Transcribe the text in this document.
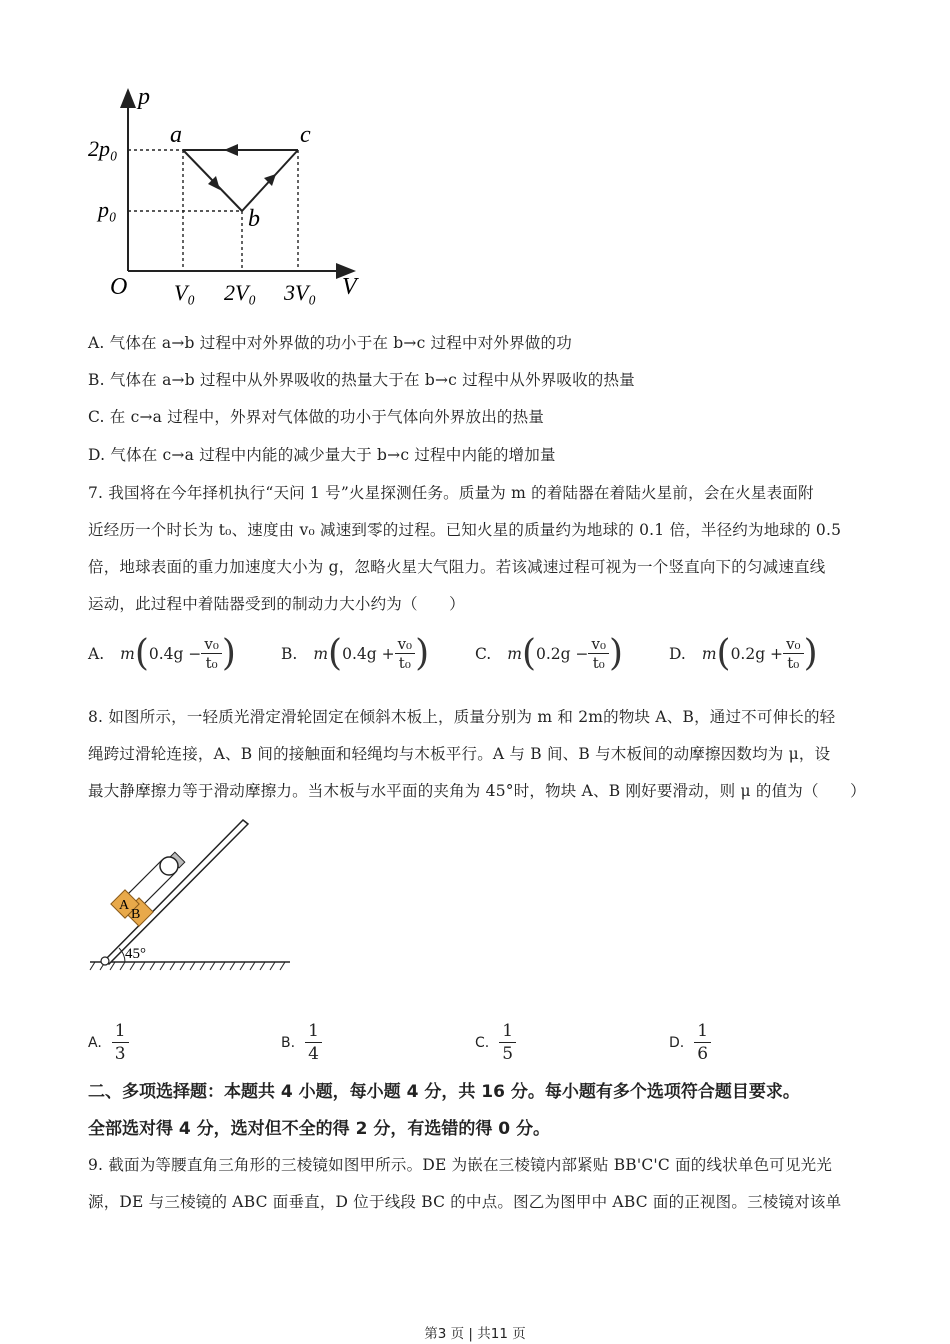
p
V
O
2p₀
p₀
V₀ 2V₀ 3V₀
a
b
c
A. 气体在 a→b 过程中对外界做的功小于在 b→c 过程中对外界做的功
B. 气体在 a→b 过程中从外界吸收的热量大于在 b→c 过程中从外界吸收的热量
C. 在 c→a 过程中，外界对气体做的功小于气体向外界放出的热量
D. 气体在 c→a 过程中内能的减少量大于 b→c 过程中内能的增加量
7. 我国将在今年择机执行“天问 1 号”火星探测任务。质量为 m 的着陆器在着陆火星前，会在火星表面附
近经历一个时长为 t₀、速度由 v₀ 减速到零的过程。已知火星的质量约为地球的 0.1 倍，半径约为地球的 0.5
倍，地球表面的重力加速度大小为 g，忽略火星大气阻力。若该减速过程可视为一个竖直向下的匀减速直线
运动，此过程中着陆器受到的制动力大小约为（　　）
A. m ( $0.4g - \frac{\text{v₀}}{\text{t₀}}$ )	B. m ( $0.4g + \frac{\text{v₀}}{\text{t₀}}$ )	C. m ( $0.2g - \frac{\text{v₀}}{\text{t₀}}$ )	D. m ( $0.2g + \frac{\text{v₀}}{\text{t₀}}$ )
8. 如图所示，一轻质光滑定滑轮固定在倾斜木板上，质量分别为 m 和 2m的物块 A、B，通过不可伸长的轻
绳跨过滑轮连接，A、B 间的接触面和轻绳均与木板平行。A 与 B 间、B 与木板间的动摩擦因数均为 μ，设
最大静摩擦力等于滑动摩擦力。当木板与水平面的夹角为 45°时，物块 A、B 刚好要滑动，则 μ 的值为（　　）
45°
A
B
A. $\frac{1}{3}$	B. $\frac{1}{4}$	C. $\frac{1}{5}$	D. $\frac{1}{6}$
二、多项选择题：本题共 4 小题，每小题 4 分，共 16 分。每小题有多个选项符合题目要求。
全部选对得 4 分，选对但不全的得 2 分，有选错的得 0 分。
9. 截面为等腰直角三角形的三棱镜如图甲所示。DE 为嵌在三棱镜内部紧贴 BB'C'C 面的线状单色可见光光
源，DE 与三棱镜的 ABC 面垂直，D 位于线段 BC 的中点。图乙为图甲中 ABC 面的正视图。三棱镜对该单
第3 页 | 共11 页
